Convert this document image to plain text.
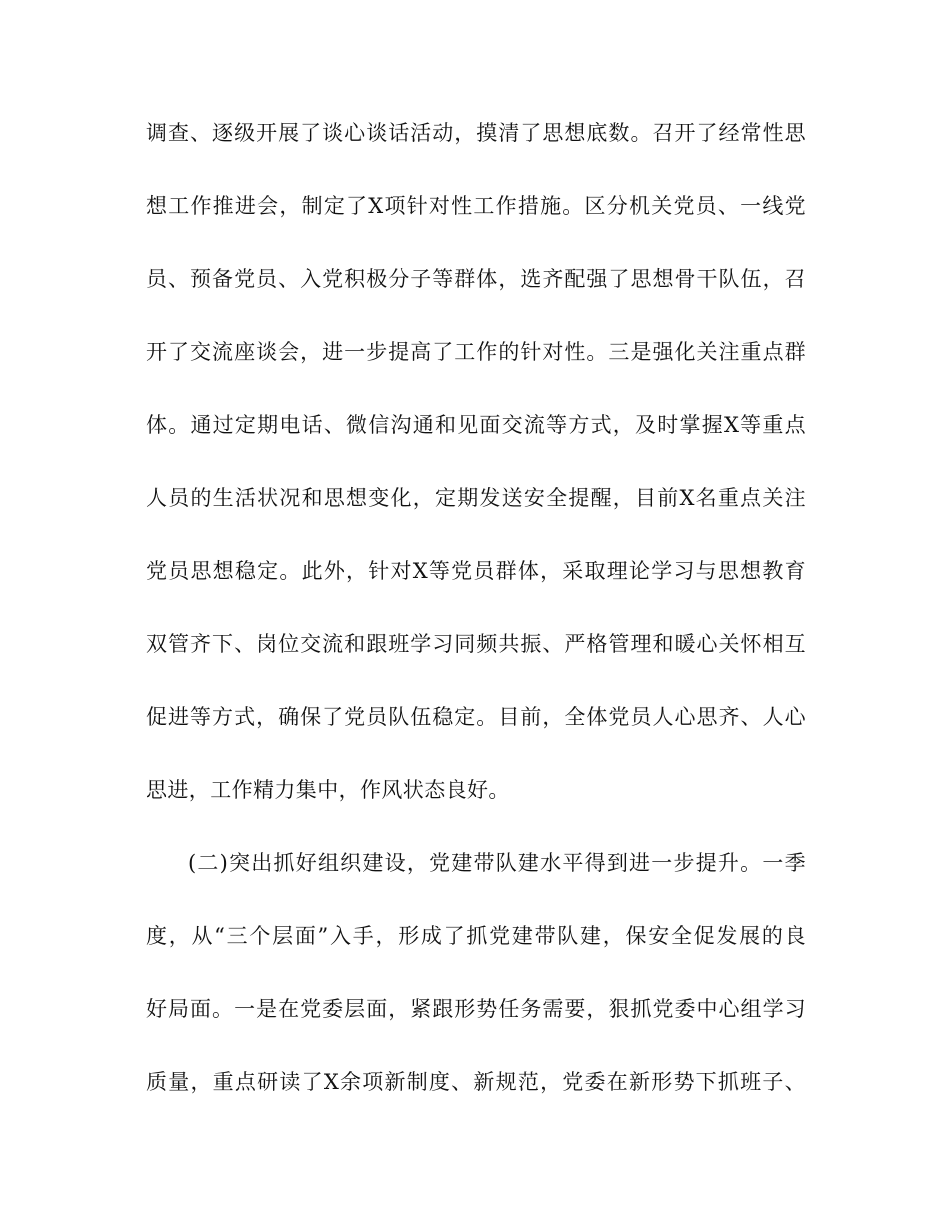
调查、逐级开展了谈心谈话活动，摸清了思想底数。召开了经常性思
想工作推进会，制定了X项针对性工作措施。区分机关党员、一线党
员、预备党员、入党积极分子等群体，选齐配强了思想骨干队伍，召
开了交流座谈会，进一步提高了工作的针对性。三是强化关注重点群
体。通过定期电话、微信沟通和见面交流等方式，及时掌握X等重点
人员的生活状况和思想变化，定期发送安全提醒，目前X名重点关注
党员思想稳定。此外，针对X等党员群体，采取理论学习与思想教育
双管齐下、岗位交流和跟班学习同频共振、严格管理和暖心关怀相互
促进等方式，确保了党员队伍稳定。目前，全体党员人心思齐、人心
思进，工作精力集中，作风状态良好。
(二)突出抓好组织建设，党建带队建水平得到进一步提升。一季
度，从“三个层面”入手，形成了抓党建带队建，保安全促发展的良
好局面。一是在党委层面，紧跟形势任务需要，狠抓党委中心组学习
质量，重点研读了X余项新制度、新规范，党委在新形势下抓班子、
